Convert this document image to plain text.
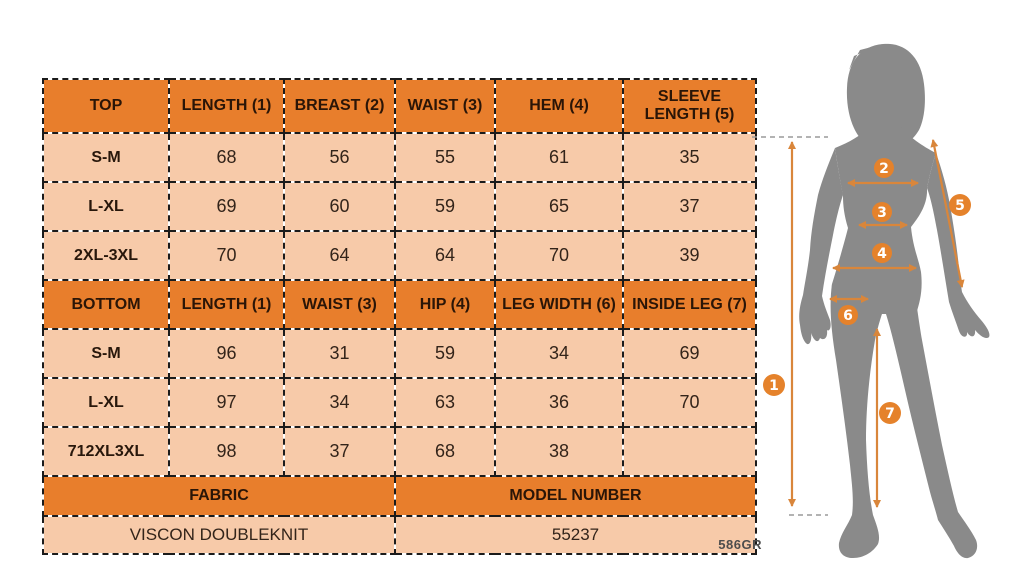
TOP	LENGTH (1)	BREAST (2)	WAIST (3)	HEM (4)	SLEEVE LENGTH (5)
S-M	68	56	55	61	35
L-XL	69	60	59	65	37
2XL-3XL	70	64	64	70	39
BOTTOM	LENGTH (1)	WAIST (3)	HIP (4)	LEG WIDTH (6)	INSIDE LEG (7)
S-M	96	31	59	34	69
L-XL	97	34	63	36	70
712XL3XL	98	37	68	38	
FABRIC			MODEL NUMBER		
VISCON DOUBLEKNIT			55237		
586GR
1
2
3
4
5
6
7
